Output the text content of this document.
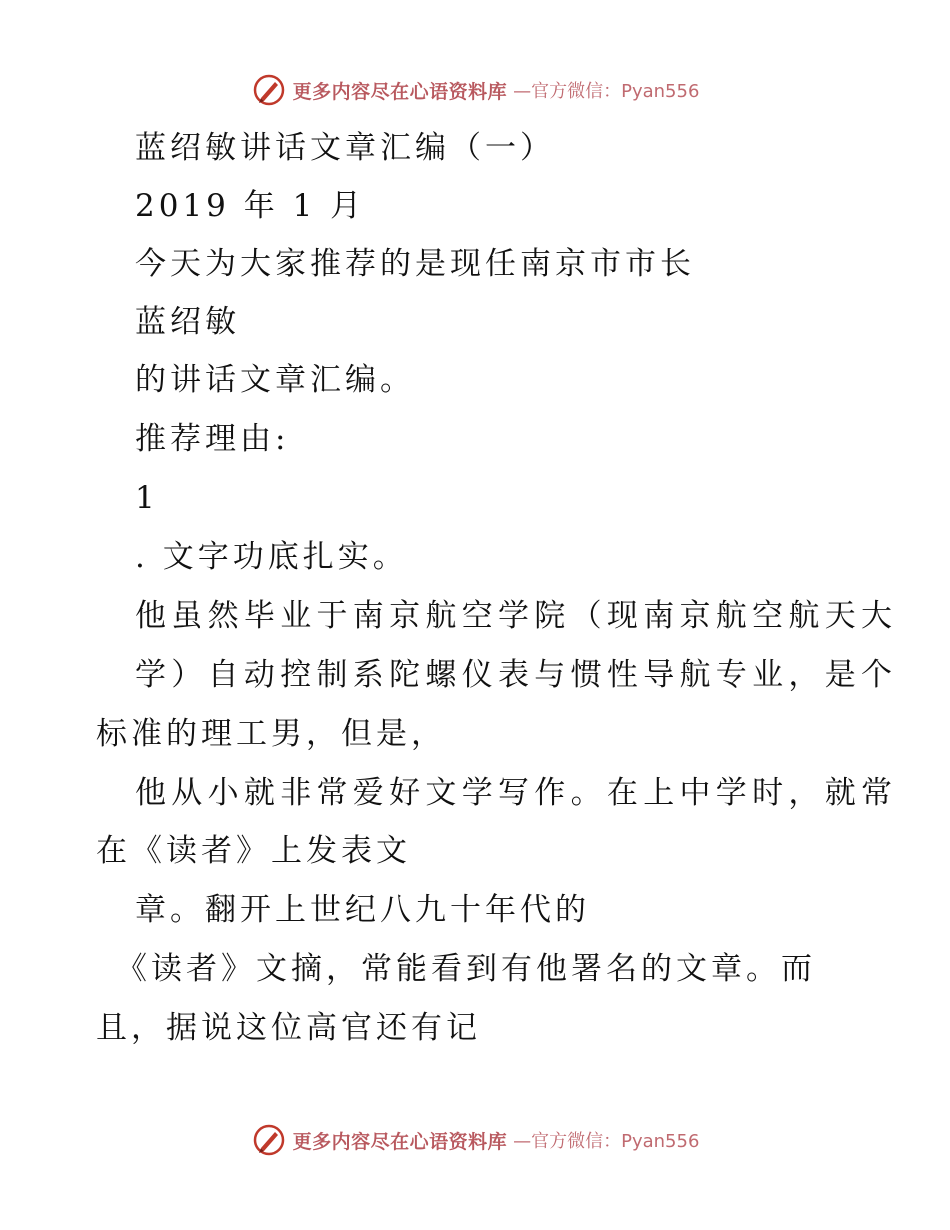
更多内容尽在心语资料库 —官方微信：Pyan556
蓝绍敏讲话文章汇编（一）
2019 年 1 月
今天为大家推荐的是现任南京市市长
蓝绍敏
的讲话文章汇编。
推荐理由:
1
. 文字功底扎实。
他虽然毕业于南京航空学院（现南京航空航天大
学）自动控制系陀螺仪表与惯性导航专业，是个
标准的理工男，但是，
他从小就非常爱好文学写作。在上中学时，就常
在《读者》上发表文
章。翻开上世纪八九十年代的
《读者》文摘，常能看到有他署名的文章。而
且，据说这位高官还有记
更多内容尽在心语资料库 —官方微信：Pyan556
